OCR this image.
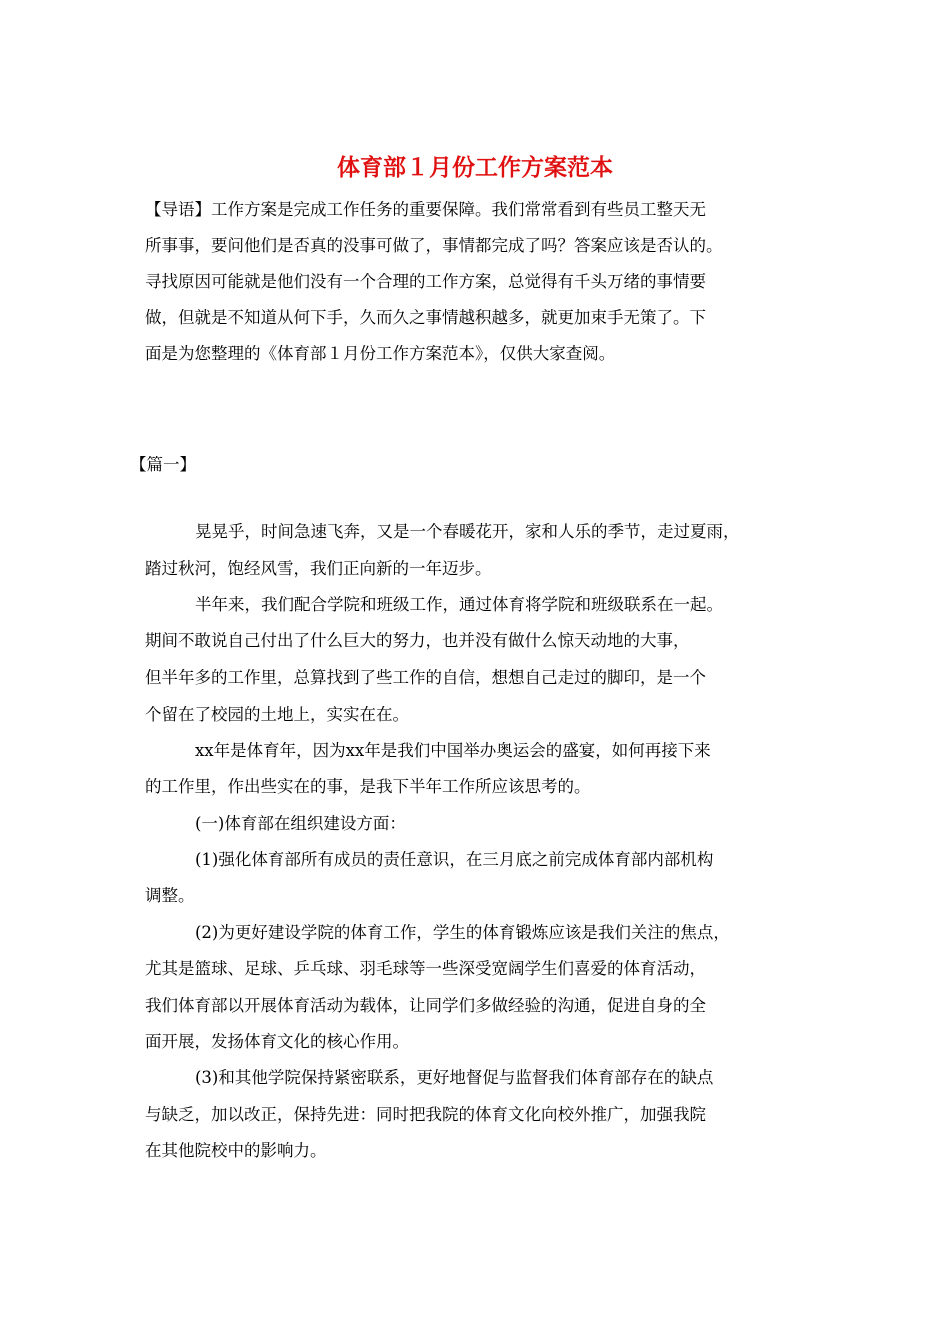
体育部１月份工作方案范本
【导语】工作方案是完成工作任务的重要保障。我们常常看到有些员工整天无
所事事，要问他们是否真的没事可做了，事情都完成了吗？答案应该是否认的。
寻找原因可能就是他们没有一个合理的工作方案，总觉得有千头万绪的事情要
做，但就是不知道从何下手，久而久之事情越积越多，就更加束手无策了。下
面是为您整理的《体育部１月份工作方案范本》，仅供大家查阅。
【篇一】
晃晃乎，时间急速飞奔，又是一个春暖花开，家和人乐的季节，走过夏雨，
踏过秋河，饱经风雪，我们正向新的一年迈步。
半年来，我们配合学院和班级工作，通过体育将学院和班级联系在一起。
期间不敢说自己付出了什么巨大的努力，也并没有做什么惊天动地的大事，
但半年多的工作里，总算找到了些工作的自信，想想自己走过的脚印，是一个
个留在了校园的土地上，实实在在。
xx年是体育年，因为xx年是我们中国举办奥运会的盛宴，如何再接下来
的工作里，作出些实在的事，是我下半年工作所应该思考的。
(一)体育部在组织建设方面：
(1)强化体育部所有成员的责任意识，在三月底之前完成体育部内部机构
调整。
(2)为更好建设学院的体育工作，学生的体育锻炼应该是我们关注的焦点，
尤其是篮球、足球、乒乓球、羽毛球等一些深受宽阔学生们喜爱的体育活动，
我们体育部以开展体育活动为载体，让同学们多做经验的沟通，促进自身的全
面开展，发扬体育文化的核心作用。
(3)和其他学院保持紧密联系，更好地督促与监督我们体育部存在的缺点
与缺乏，加以改正，保持先进：同时把我院的体育文化向校外推广，加强我院
在其他院校中的影响力。
